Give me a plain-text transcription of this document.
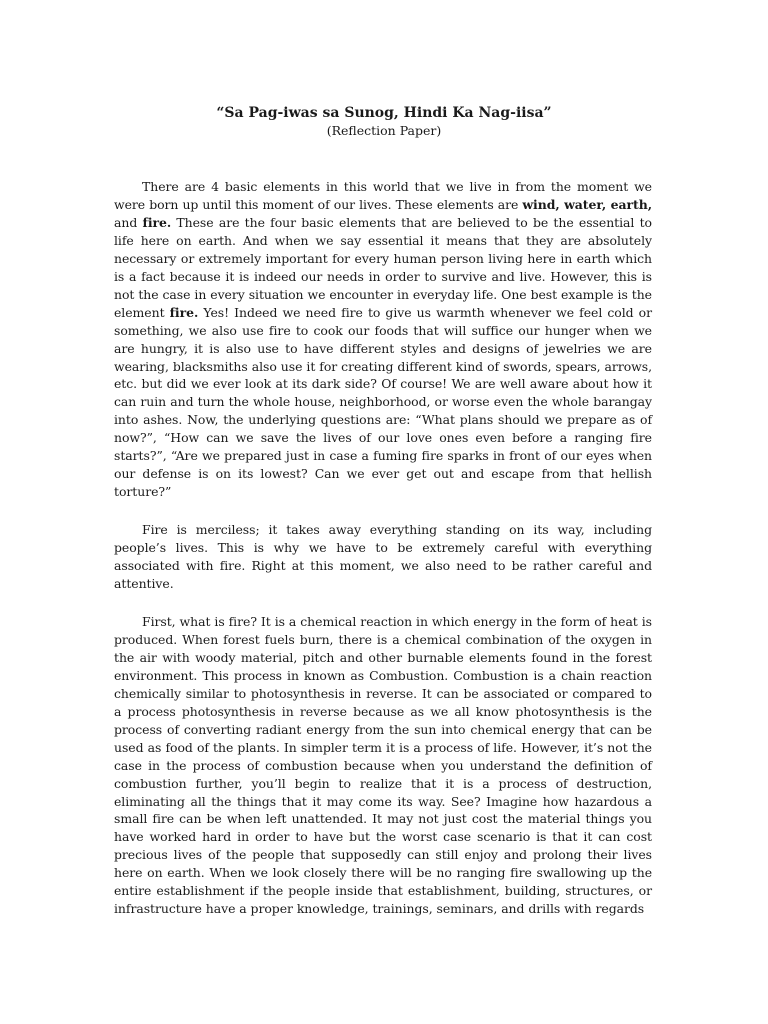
“Sa Pag-iwas sa Sunog, Hindi Ka Nag-iisa”

(Reflection Paper)

There are 4 basic elements in this world that we live in from the moment we were born up until this moment of our lives. These elements are wind, water, earth, and fire. These are the four basic elements that are believed to be the essential to life here on earth. And when we say essential it means that they are absolutely necessary or extremely important for every human person living here in earth which is a fact because it is indeed our needs in order to survive and live. However, this is not the case in every situation we encounter in everyday life. One best example is the element fire. Yes! Indeed we need fire to give us warmth whenever we feel cold or something, we also use fire to cook our foods that will suffice our hunger when we are hungry, it is also use to have different styles and designs of jewelries we are wearing, blacksmiths also use it for creating different kind of swords, spears, arrows, etc. but did we ever look at its dark side? Of course! We are well aware about how it can ruin and turn the whole house, neighborhood, or worse even the whole barangay into ashes. Now, the underlying questions are: “What plans should we prepare as of now?”, “How can we save the lives of our love ones even before a ranging fire starts?”, “Are we prepared just in case a fuming fire sparks in front of our eyes when our defense is on its lowest? Can we ever get out and escape from that hellish torture?”

Fire is merciless; it takes away everything standing on its way, including people’s lives. This is why we have to be extremely careful with everything associated with fire. Right at this moment, we also need to be rather careful and attentive.

First, what is fire? It is a chemical reaction in which energy in the form of heat is produced. When forest fuels burn, there is a chemical combination of the oxygen in the air with woody material, pitch and other burnable elements found in the forest environment. This process in known as Combustion. Combustion is a chain reaction chemically similar to photosynthesis in reverse. It can be associated or compared to a process photosynthesis in reverse because as we all know photosynthesis is the process of converting radiant energy from the sun into chemical energy that can be used as food of the plants. In simpler term it is a process of life. However, it’s not the case in the process of combustion because when you understand the definition of combustion further, you’ll begin to realize that it is a process of destruction, eliminating all the things that it may come its way. See? Imagine how hazardous a small fire can be when left unattended. It may not just cost the material things you have worked hard in order to have but the worst case scenario is that it can cost precious lives of the people that supposedly can still enjoy and prolong their lives here on earth. When we look closely there will be no ranging fire swallowing up the entire establishment if the people inside that establishment, building, structures, or infrastructure have a proper knowledge, trainings, seminars, and drills with regards
